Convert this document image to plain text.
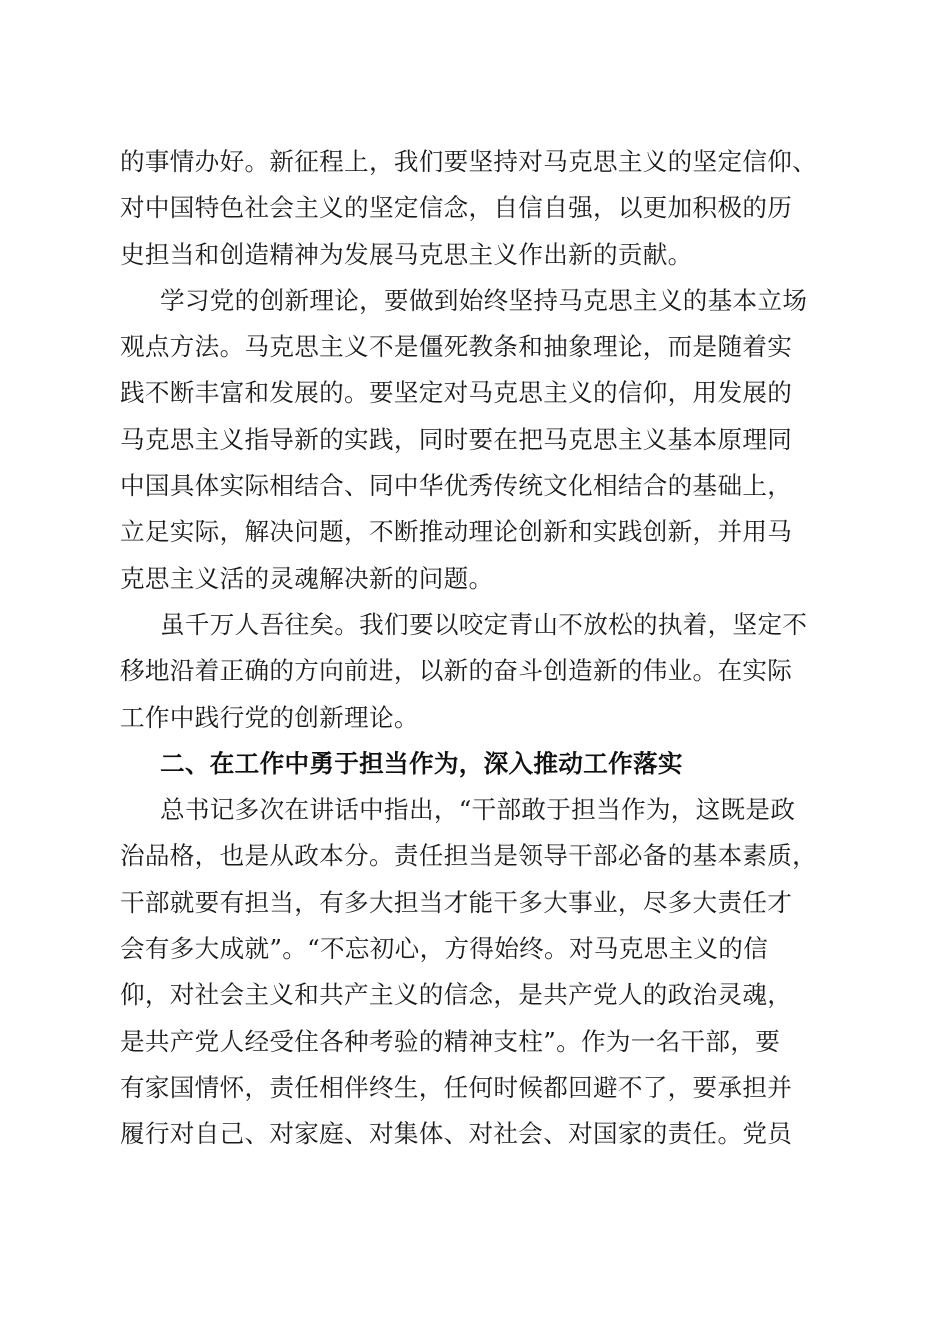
的事情办好。新征程上，我们要坚持对马克思主义的坚定信仰、
对中国特色社会主义的坚定信念，自信自强，以更加积极的历
史担当和创造精神为发展马克思主义作出新的贡献。
学习党的创新理论，要做到始终坚持马克思主义的基本立场
观点方法。马克思主义不是僵死教条和抽象理论，而是随着实
践不断丰富和发展的。要坚定对马克思主义的信仰，用发展的
马克思主义指导新的实践，同时要在把马克思主义基本原理同
中国具体实际相结合、同中华优秀传统文化相结合的基础上，
立足实际，解决问题，不断推动理论创新和实践创新，并用马
克思主义活的灵魂解决新的问题。
虽千万人吾往矣。我们要以咬定青山不放松的执着，坚定不
移地沿着正确的方向前进，以新的奋斗创造新的伟业。在实际
工作中践行党的创新理论。
二、在工作中勇于担当作为，深入推动工作落实
总书记多次在讲话中指出，“干部敢于担当作为，这既是政
治品格，也是从政本分。责任担当是领导干部必备的基本素质，
干部就要有担当，有多大担当才能干多大事业，尽多大责任才
会有多大成就”。“不忘初心，方得始终。对马克思主义的信
仰，对社会主义和共产主义的信念，是共产党人的政治灵魂，
是共产党人经受住各种考验的精神支柱”。作为一名干部，要
有家国情怀，责任相伴终生，任何时候都回避不了，要承担并
履行对自己、对家庭、对集体、对社会、对国家的责任。党员
